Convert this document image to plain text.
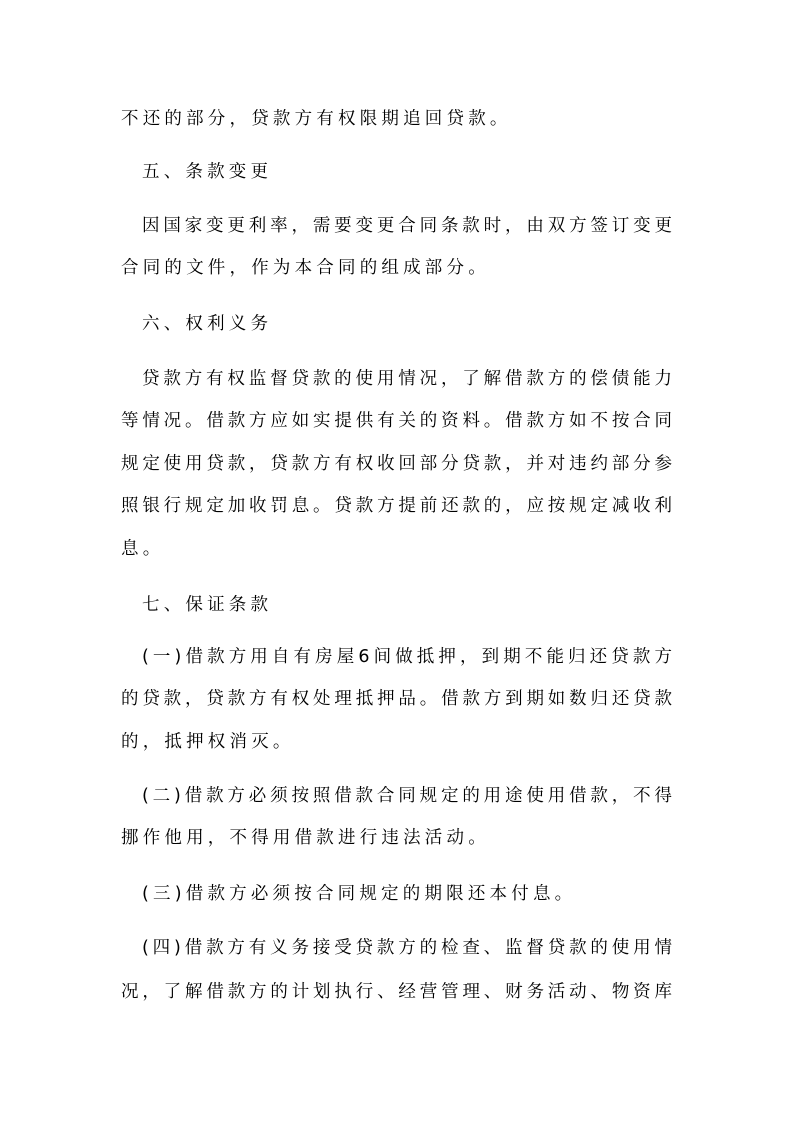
不还的部分，贷款方有权限期追回贷款。

五、条款变更

因国家变更利率，需要变更合同条款时，由双方签订变更

合同的文件，作为本合同的组成部分。

六、权利义务

贷款方有权监督贷款的使用情况，了解借款方的偿债能力

等情况。借款方应如实提供有关的资料。借款方如不按合同

规定使用贷款，贷款方有权收回部分贷款，并对违约部分参

照银行规定加收罚息。贷款方提前还款的，应按规定减收利

息。

七、保证条款

(一)借款方用自有房屋6间做抵押，到期不能归还贷款方

的贷款，贷款方有权处理抵押品。借款方到期如数归还贷款

的，抵押权消灭。

(二)借款方必须按照借款合同规定的用途使用借款，不得

挪作他用，不得用借款进行违法活动。

(三)借款方必须按合同规定的期限还本付息。

(四)借款方有义务接受贷款方的检查、监督贷款的使用情

况，了解借款方的计划执行、经营管理、财务活动、物资库
